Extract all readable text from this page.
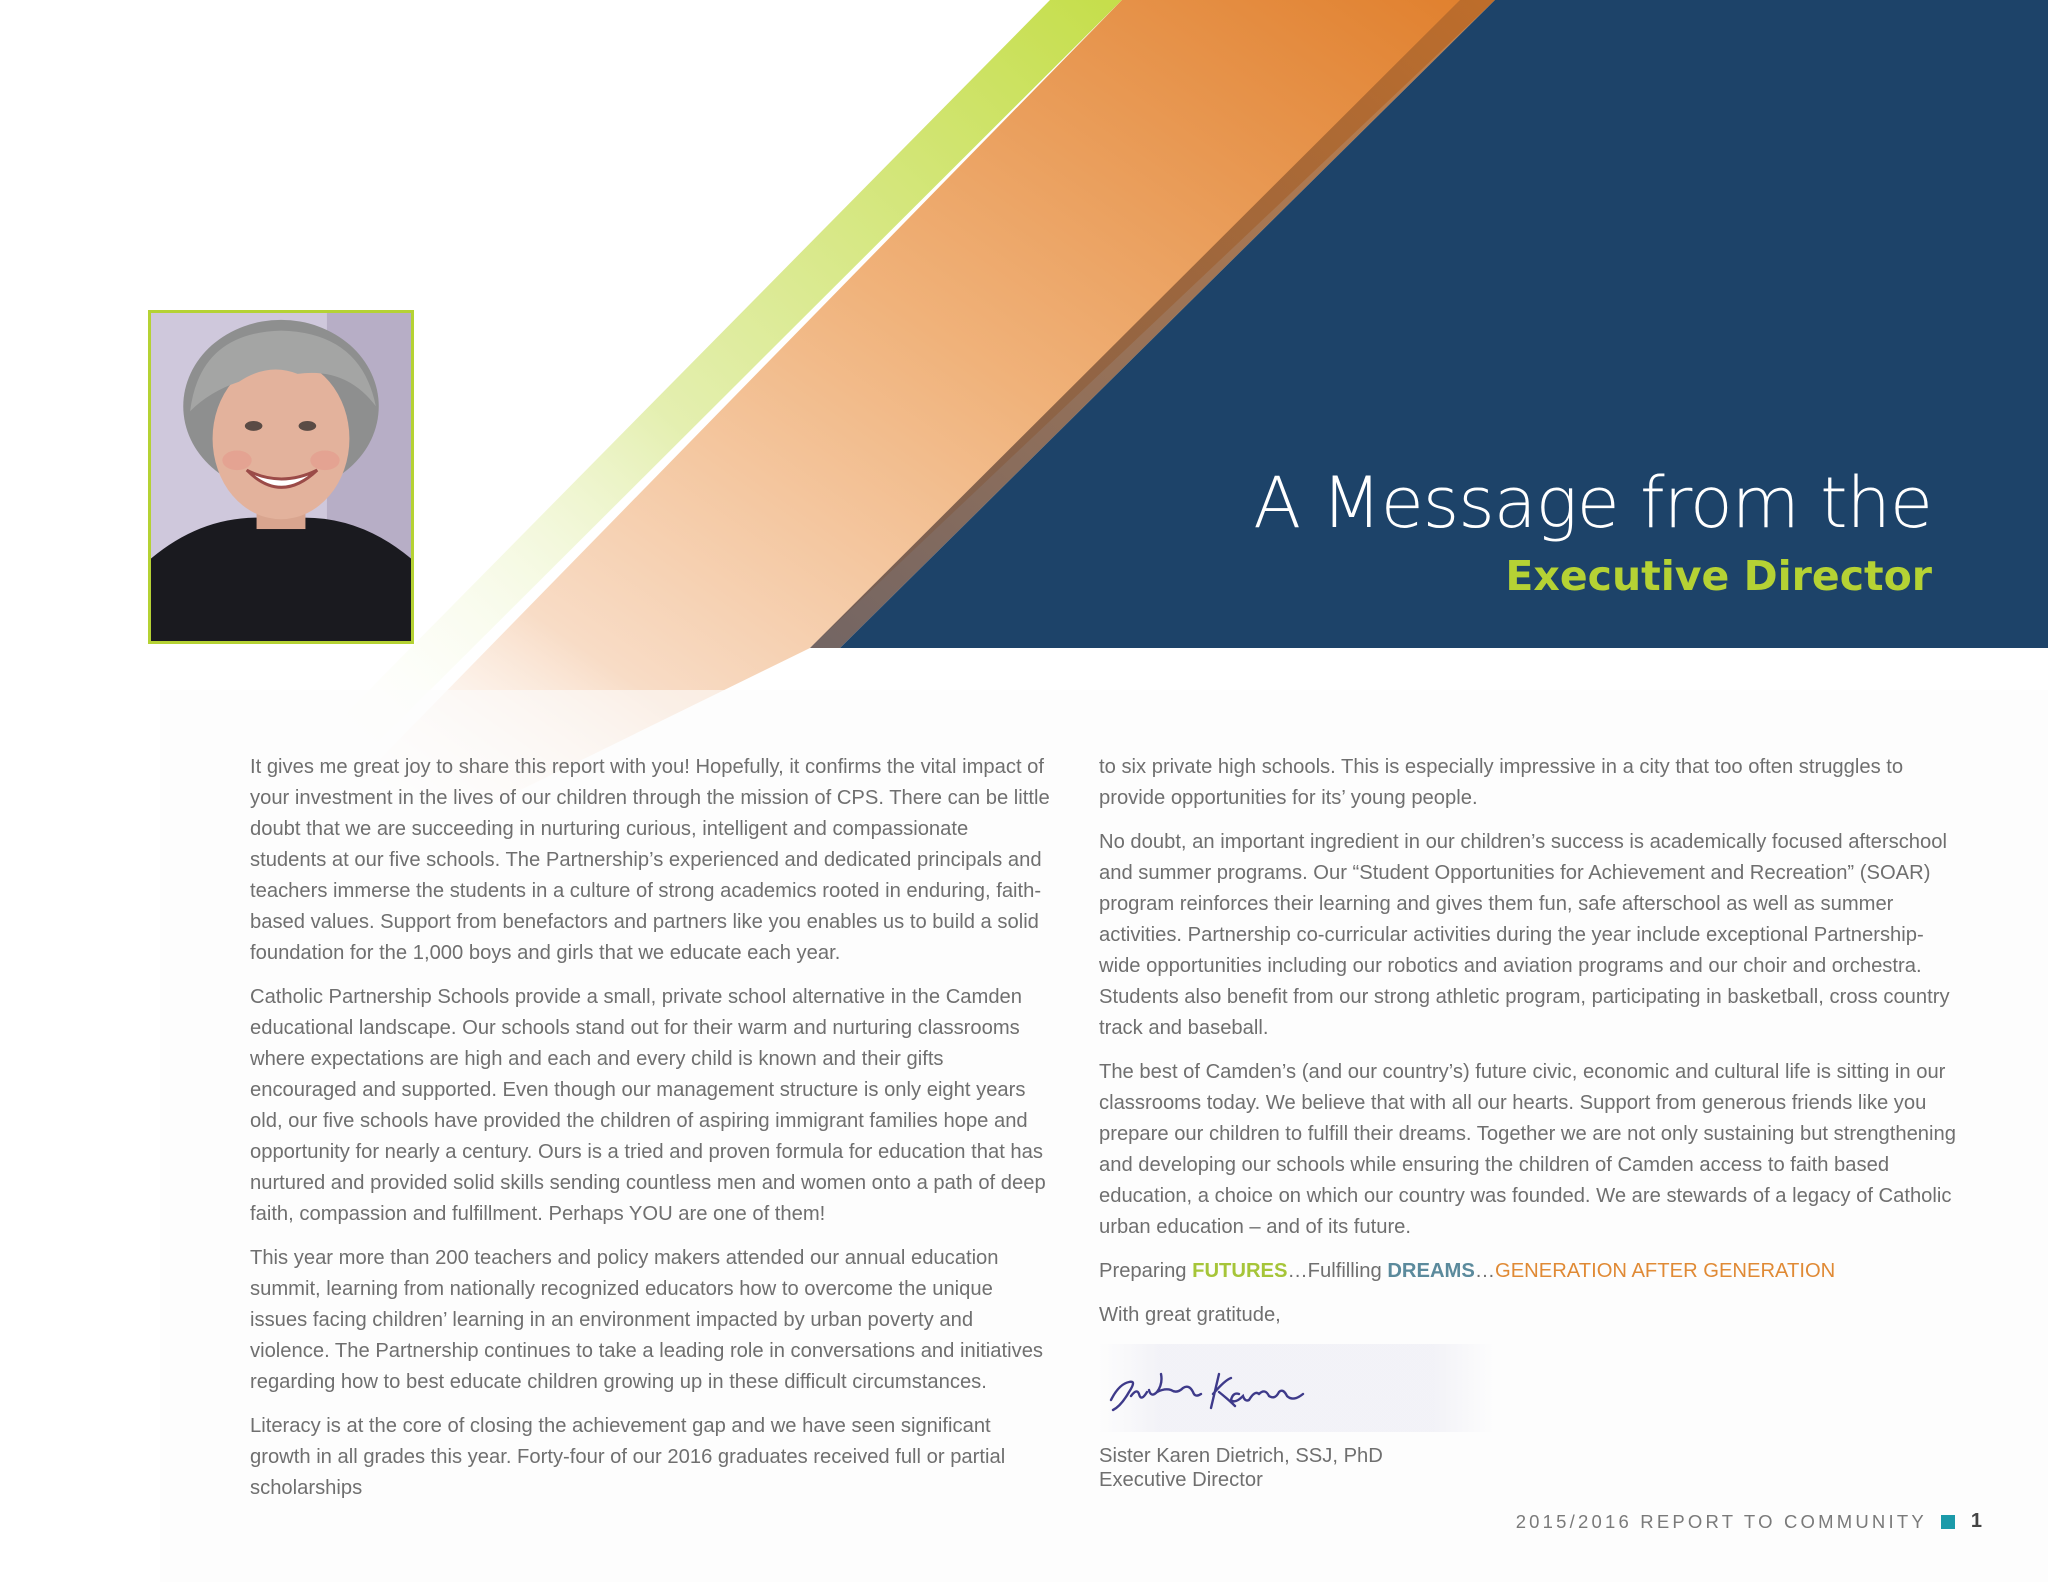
A Message from the
Executive Director

It gives me great joy to share this report with you! Hopefully, it confirms the vital impact of your investment in the lives of our children through the mission of CPS. There can be little doubt that we are succeeding in nurturing curious, intelligent and compassionate students at our five schools. The Partnership’s experienced and dedicated principals and teachers immerse the students in a culture of strong academics rooted in enduring, faith-based values. Support from benefactors and partners like you enables us to build a solid foundation for the 1,000 boys and girls that we educate each year.

Catholic Partnership Schools provide a small, private school alternative in the Camden educational landscape. Our schools stand out for their warm and nurturing classrooms where expectations are high and each and every child is known and their gifts encouraged and supported. Even though our management structure is only eight years old, our five schools have provided the children of aspiring immigrant families hope and opportunity for nearly a century. Ours is a tried and proven formula for education that has nurtured and provided solid skills sending countless men and women onto a path of deep faith, compassion and fulfillment. Perhaps YOU are one of them!

This year more than 200 teachers and policy makers attended our annual education summit, learning from nationally recognized educators how to overcome the unique issues facing children’ learning in an environment impacted by urban poverty and violence. The Partnership continues to take a leading role in conversations and initiatives regarding how to best educate children growing up in these difficult circumstances.

Literacy is at the core of closing the achievement gap and we have seen significant growth in all grades this year. Forty-four of our 2016 graduates received full or partial scholarships

to six private high schools. This is especially impressive in a city that too often struggles to provide opportunities for its’ young people.

No doubt, an important ingredient in our children’s success is academically focused afterschool and summer programs. Our “Student Opportunities for Achievement and Recreation” (SOAR) program reinforces their learning and gives them fun, safe afterschool as well as summer activities. Partnership co-curricular activities during the year include exceptional Partnership-wide opportunities including our robotics and aviation programs and our choir and orchestra. Students also benefit from our strong athletic program, participating in basketball, cross country track and baseball.

The best of Camden’s (and our country’s) future civic, economic and cultural life is sitting in our classrooms today. We believe that with all our hearts. Support from generous friends like you prepare our children to fulfill their dreams. Together we are not only sustaining but strengthening and developing our schools while ensuring the children of Camden access to faith based education, a choice on which our country was founded. We are stewards of a legacy of Catholic urban education – and of its future.

Preparing FUTURES…Fulfilling DREAMS…GENERATION AFTER GENERATION

With great gratitude,

Sister Karen Dietrich, SSJ, PhD
Executive Director
2015/2016 REPORT TO COMMUNITY 1
